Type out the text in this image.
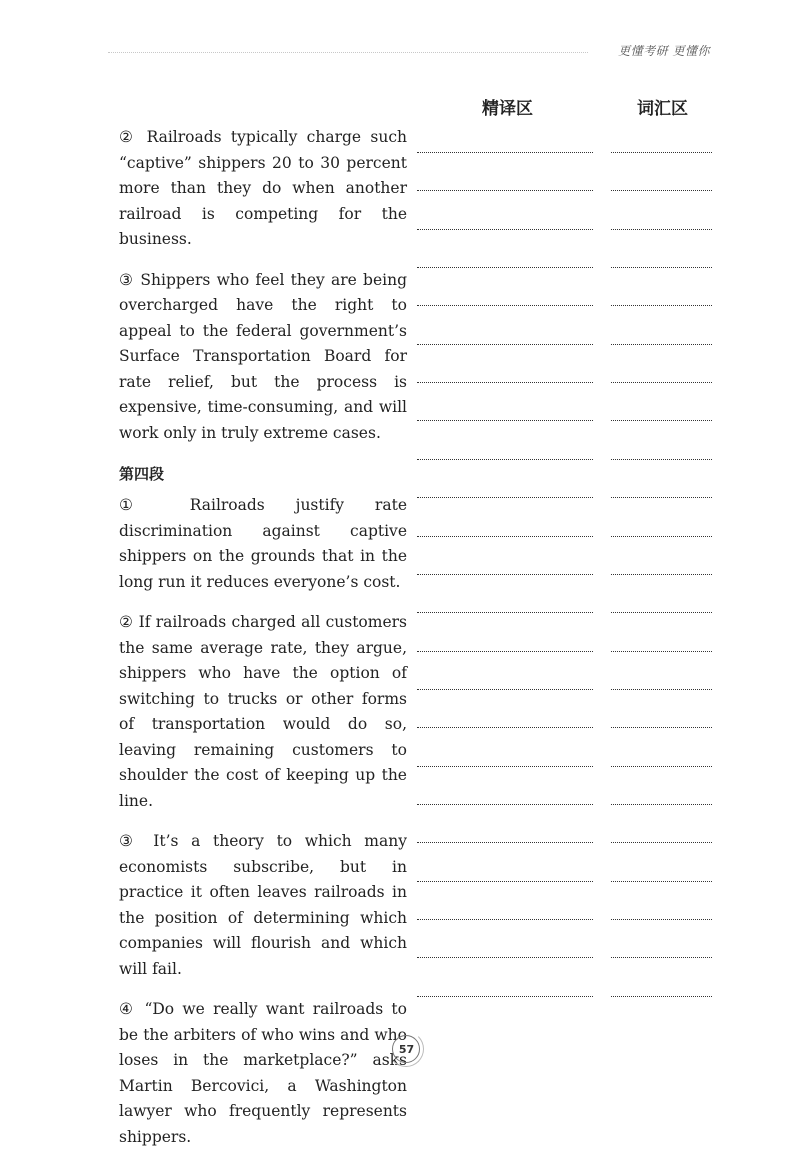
更懂考研 更懂你
精译区	词汇区

② Railroads typically charge such “captive” shippers 20 to 30 percent more than they do when another railroad is competing for the business.

③ Shippers who feel they are being overcharged have the right to appeal to the federal government’s Surface Transportation Board for rate relief, but the process is expensive, time-consuming, and will work only in truly extreme cases.

第四段

① Railroads justify rate discrimination against captive shippers on the grounds that in the long run it reduces everyone’s cost.

② If railroads charged all customers the same average rate, they argue, shippers who have the option of switching to trucks or other forms of transportation would do so, leaving remaining customers to shoulder the cost of keeping up the line.

③ It’s a theory to which many economists subscribe, but in practice it often leaves railroads in the position of determining which companies will flourish and which will fail.

④ “Do we really want railroads to be the arbiters of who wins and who loses in the marketplace?” asks Martin Bercovici, a Washington lawyer who frequently represents shippers.

57
